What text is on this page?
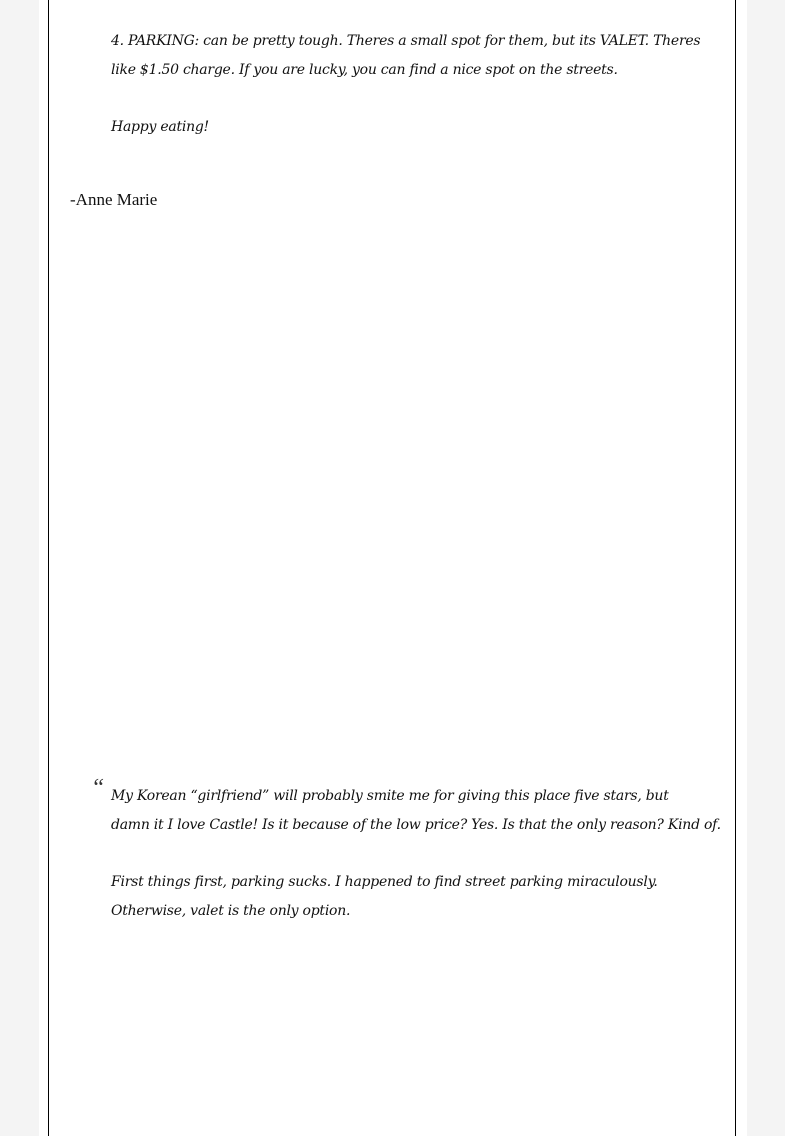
4. PARKING: can be pretty tough. Theres a small spot for them, but its VALET. Theres

like $1.50 charge. If you are lucky, you can find a nice spot on the streets.

Happy eating!

-Anne Marie

“ My Korean “girlfriend” will probably smite me for giving this place five stars, but

damn it I love Castle! Is it because of the low price? Yes. Is that the only reason? Kind of.

First things first, parking sucks. I happened to find street parking miraculously.

Otherwise, valet is the only option.
